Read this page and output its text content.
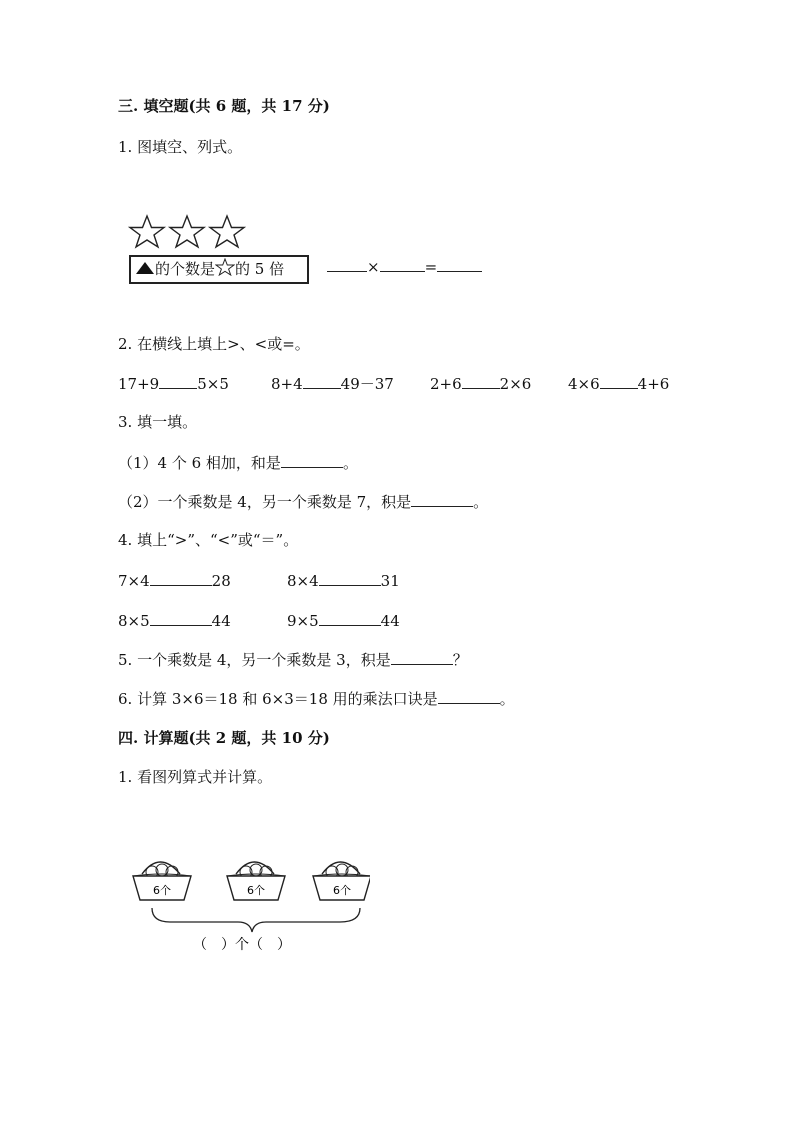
三. 填空题(共 6 题，共 17 分)
1. 图填空、列式。
的个数是 的 5 倍	×	=
2. 在横线上填上>、<或=。
17+9	5×5	8+4	49－37 2+6	2×6 4×6	4+6
3. 填一填。
（1）4 个 6 相加，和是	。
（2）一个乘数是 4，另一个乘数是 7，积是	。
4. 填上“>”、“<”或“＝”。
7×4	28	8×4	31
8×5	44	9×5	44
5. 一个乘数是 4，另一个乘数是 3，积是	？
6. 计算 3×6＝18 和 6×3＝18 用的乘法口诀是	。
四. 计算题(共 2 题，共 10 分)
1. 看图列算式并计算。
6个	6个	6个
（　）个（　）
